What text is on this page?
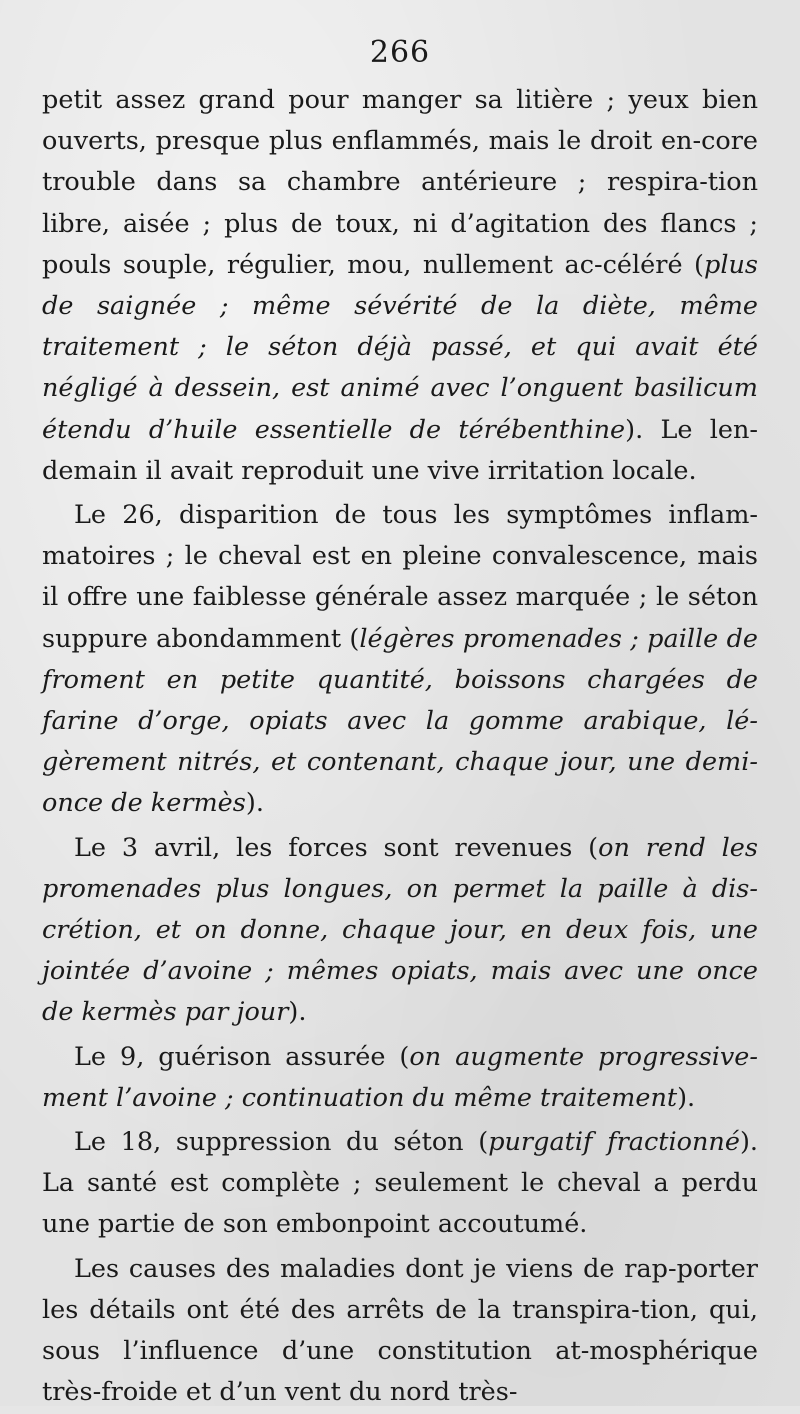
266

petit assez grand pour manger sa litière ; yeux bien ouverts, presque plus enflammés, mais le droit en-core trouble dans sa chambre antérieure ; respira-tion libre, aisée ; plus de toux, ni d’agitation des flancs ; pouls souple, régulier, mou, nullement ac-céléré (plus de saignée ; même sévérité de la diète, même traitement ; le séton déjà passé, et qui avait été négligé à dessein, est animé avec l’onguent basilicum étendu d’huile essentielle de térébenthine). Le len-demain il avait reproduit une vive irritation locale.

Le 26, disparition de tous les symptômes inflam-matoires ; le cheval est en pleine convalescence, mais il offre une faiblesse générale assez marquée ; le séton suppure abondamment (légères promenades ; paille de froment en petite quantité, boissons chargées de farine d’orge, opiats avec la gomme arabique, lé-gèrement nitrés, et contenant, chaque jour, une demi-once de kermès).

Le 3 avril, les forces sont revenues (on rend les promenades plus longues, on permet la paille à dis-crétion, et on donne, chaque jour, en deux fois, une jointée d’avoine ; mêmes opiats, mais avec une once de kermès par jour).

Le 9, guérison assurée (on augmente progressive-ment l’avoine ; continuation du même traitement).

Le 18, suppression du séton (purgatif fractionné). La santé est complète ; seulement le cheval a perdu une partie de son embonpoint accoutumé.

Les causes des maladies dont je viens de rap-porter les détails ont été des arrêts de la transpira-tion, qui, sous l’influence d’une constitution at-mosphérique très-froide et d’un vent du nord très-
